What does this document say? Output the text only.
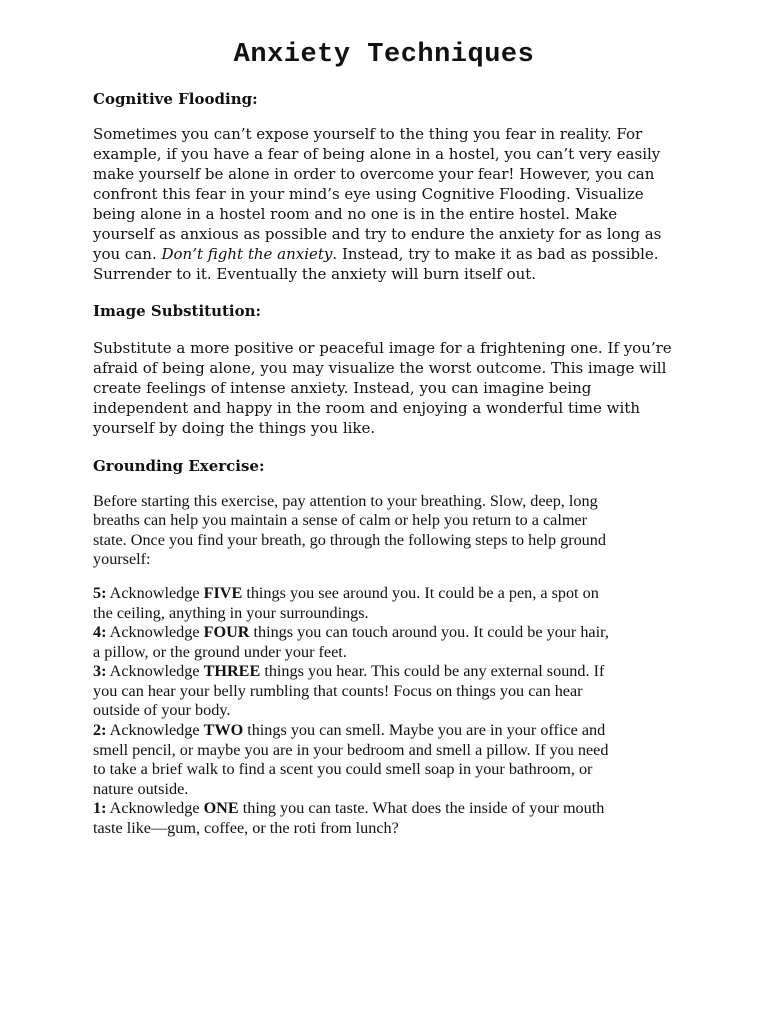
Anxiety Techniques
Cognitive Flooding:

Sometimes you can’t expose yourself to the thing you fear in reality. For
example, if you have a fear of being alone in a hostel, you can’t very easily
make yourself be alone in order to overcome your fear! However, you can
confront this fear in your mind’s eye using Cognitive Flooding. Visualize
being alone in a hostel room and no one is in the entire hostel. Make
yourself as anxious as possible and try to endure the anxiety for as long as
you can. Don’t fight the anxiety. Instead, try to make it as bad as possible.
Surrender to it. Eventually the anxiety will burn itself out.

Image Substitution:

Substitute a more positive or peaceful image for a frightening one. If you’re
afraid of being alone, you may visualize the worst outcome. This image will
create feelings of intense anxiety. Instead, you can imagine being
independent and happy in the room and enjoying a wonderful time with
yourself by doing the things you like.

Grounding Exercise:

Before starting this exercise, pay attention to your breathing. Slow, deep, long
breaths can help you maintain a sense of calm or help you return to a calmer
state. Once you find your breath, go through the following steps to help ground
yourself:

5: Acknowledge FIVE things you see around you. It could be a pen, a spot on
the ceiling, anything in your surroundings.
4: Acknowledge FOUR things you can touch around you. It could be your hair,
a pillow, or the ground under your feet.
3: Acknowledge THREE things you hear. This could be any external sound. If
you can hear your belly rumbling that counts! Focus on things you can hear
outside of your body.
2: Acknowledge TWO things you can smell. Maybe you are in your office and
smell pencil, or maybe you are in your bedroom and smell a pillow. If you need
to take a brief walk to find a scent you could smell soap in your bathroom, or
nature outside.
1: Acknowledge ONE thing you can taste. What does the inside of your mouth
taste like—gum, coffee, or the roti from lunch?
